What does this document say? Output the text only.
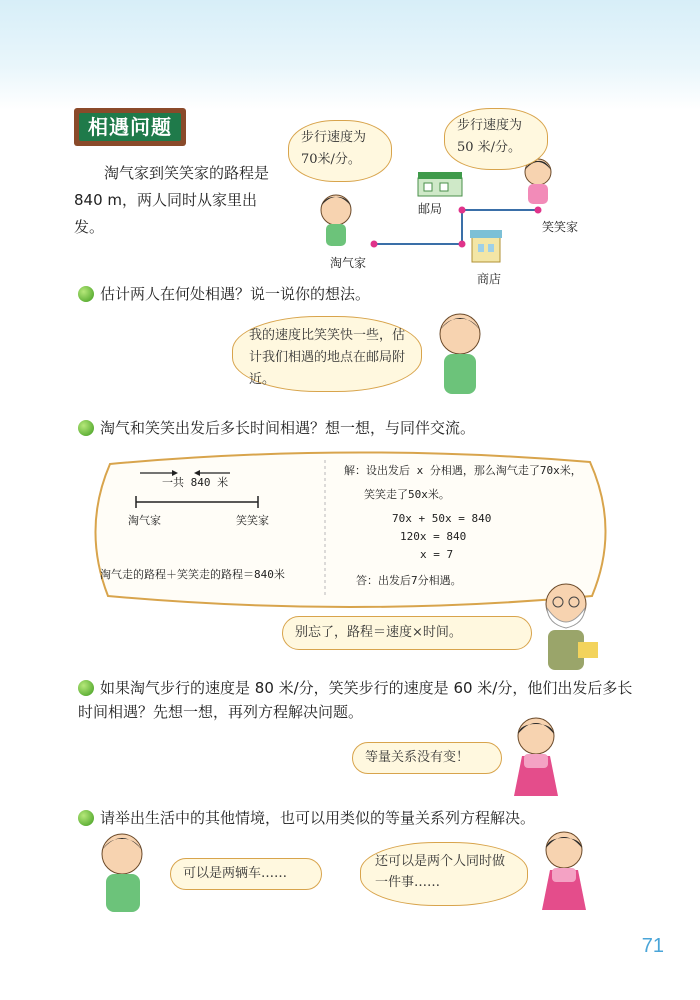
相遇问题

淘气家到笑笑家的路程是 840 m，两人同时从家里出发。

邮局
淘气家
商店
笑笑家
步行速度为70米/分。
步行速度为50 米/分。
估计两人在何处相遇？说一说你的想法。
我的速度比笑笑快一些，估计我们相遇的地点在邮局附近。
淘气和笑笑出发后多长时间相遇？想一想，与同伴交流。
一共 840 米
淘气家	笑笑家
淘气走的路程＋笑笑走的路程＝840米
解：设出发后 x 分相遇，那么淘气走了70x米，
笑笑走了50x米。
70x + 50x = 840
120x = 840
x = 7
答：出发后7分相遇。
别忘了，路程＝速度×时间。
如果淘气步行的速度是 80 米/分，笑笑步行的速度是 60 米/分，他们出发后多长时间相遇？先想一想，再列方程解决问题。
等量关系没有变！
请举出生活中的其他情境，也可以用类似的等量关系列方程解决。
可以是两辆车……
还可以是两个人同时做一件事……
71
